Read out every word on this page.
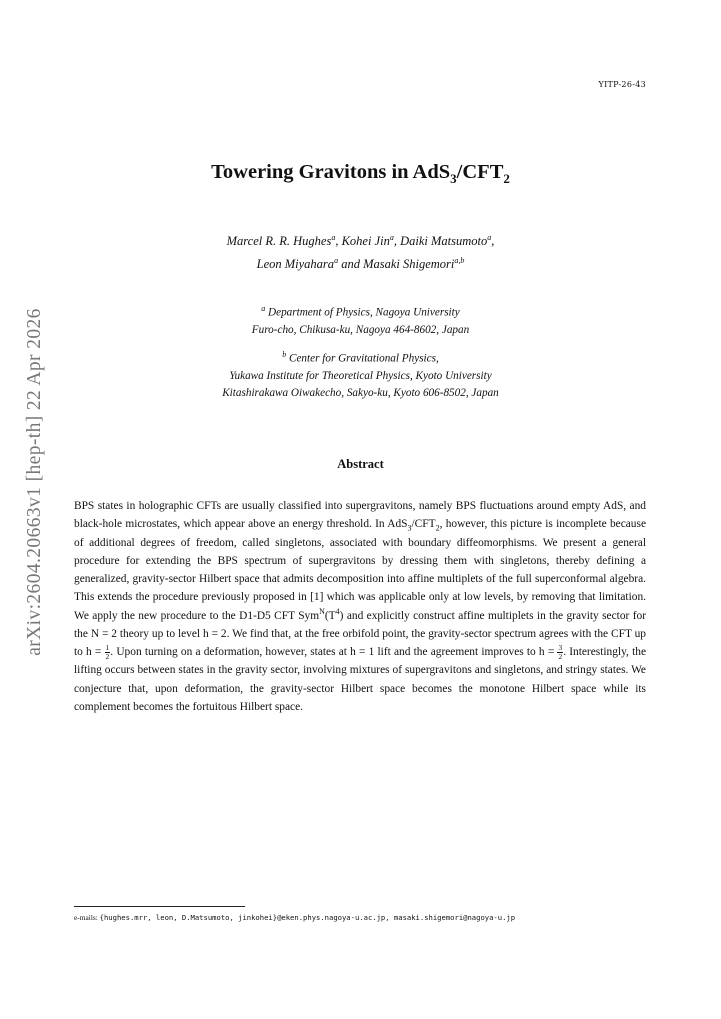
YITP-26-43
arXiv:2604.20663v1 [hep-th] 22 Apr 2026
Towering Gravitons in $AdS_3/CFT_2$
Marcel R. R. Hughes$^a$, Kohei Jin$^a$, Daiki Matsumoto$^a$,
Leon Miyahara$^a$ and Masaki Shigemori$^{a,b}$
$^a$ Department of Physics, Nagoya University
Furo-cho, Chikusa-ku, Nagoya 464-8602, Japan
$^b$ Center for Gravitational Physics,
Yukawa Institute for Theoretical Physics, Kyoto University
Kitashirakawa Oiwakecho, Sakyo-ku, Kyoto 606-8502, Japan
Abstract
BPS states in holographic CFTs are usually classified into supergravitons, namely BPS fluctuations around empty AdS, and black-hole microstates, which appear above an energy threshold. In $AdS_3/CFT_2$, however, this picture is incomplete because of additional degrees of freedom, called singletons, associated with boundary diffeomorphisms. We present a general procedure for extending the BPS spectrum of supergravitons by dressing them with singletons, thereby defining a generalized, gravity-sector Hilbert space that admits decomposition into affine multiplets of the full superconformal algebra. This extends the procedure previously proposed in [1] which was applicable only at low levels, by removing that limitation. We apply the new procedure to the D1-D5 CFT $Sym^N(T^4)$ and explicitly construct affine multiplets in the gravity sector for the N = 2 theory up to level h = 2. We find that, at the free orbifold point, the gravity-sector spectrum agrees with the CFT up to $h = \frac{1}{2}$ . Upon turning on a deformation, however, states at h = 1 lift and the agreement improves to $h = \frac{3}{2}$ . Interestingly, the lifting occurs between states in the gravity sector, involving mixtures of supergravitons and singletons, and stringy states. We conjecture that, upon deformation, the gravity-sector Hilbert space becomes the monotone Hilbert space while its complement becomes the fortuitous Hilbert space.
e-mails: {hughes.mrr, leon, D.Matsumoto, jinkohei}@eken.phys.nagoya-u.ac.jp, masaki.shigemori@nagoya-u.jp
